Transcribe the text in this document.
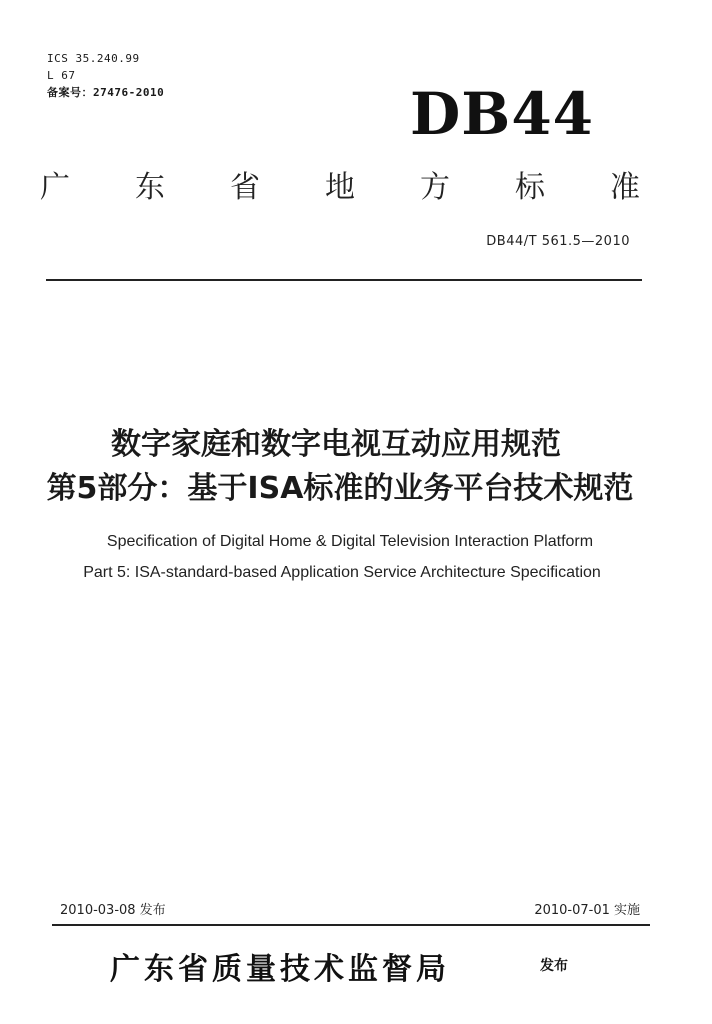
ICS 35.240.99
L 67
备案号：27476-2010	DB44
广 东 省 地 方 标 准
DB44/T 561.5—2010
数字家庭和数字电视互动应用规范
第5部分：基于ISA标准的业务平台技术规范
Specification of Digital Home & Digital Television Interaction Platform
Part 5: ISA-standard-based Application Service Architecture Specification
2010-03-08 发布	2010-07-01 实施
广东省质量技术监督局	发布
